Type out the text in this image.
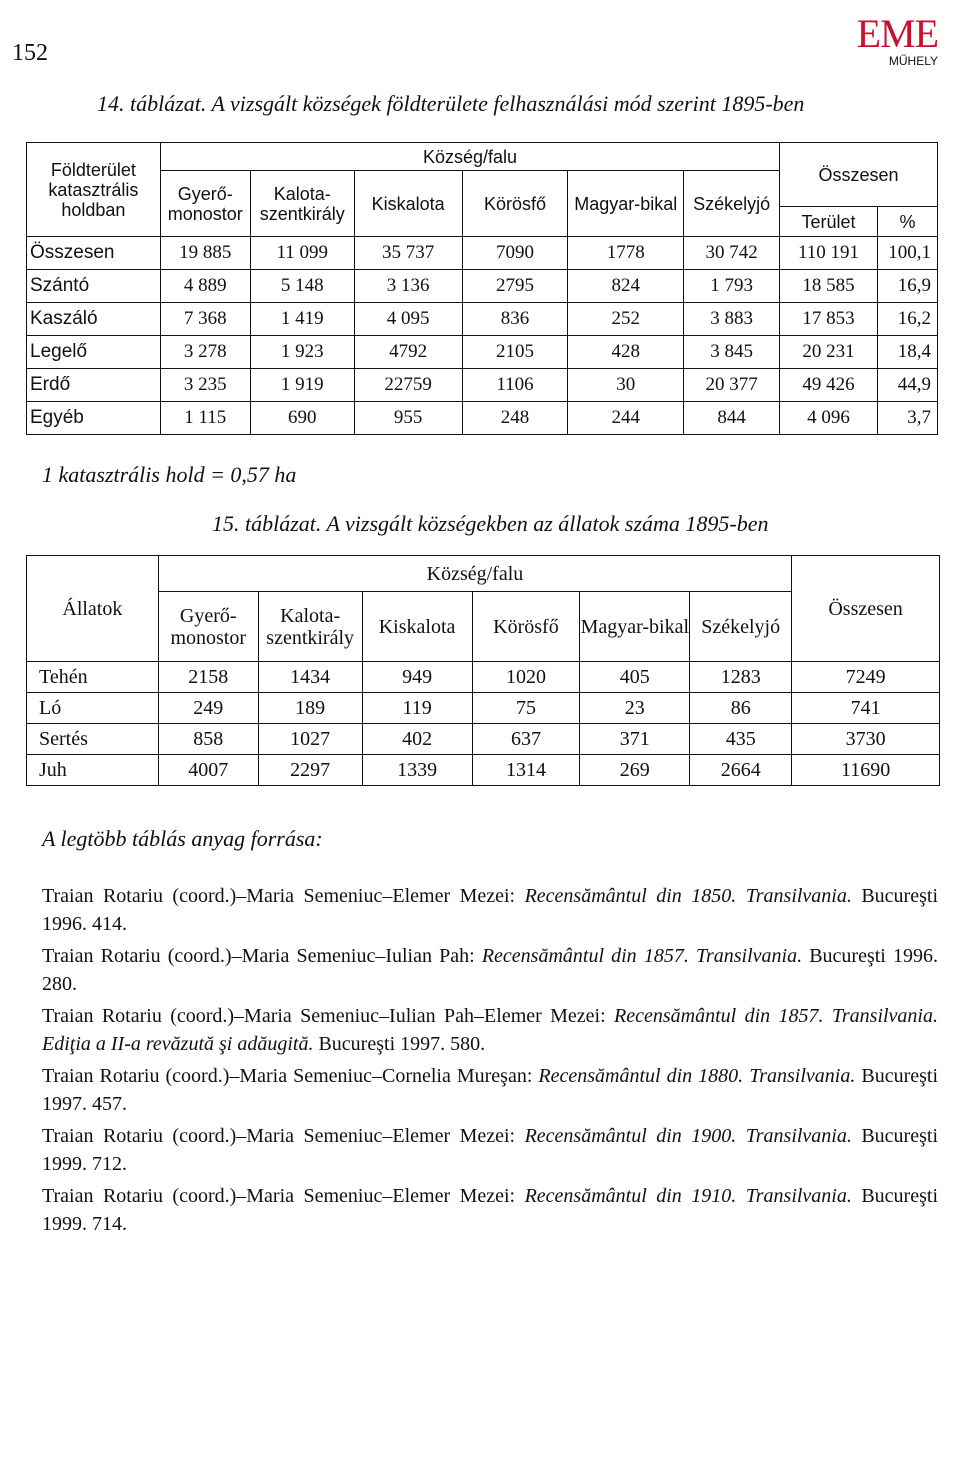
152	EME
MŰHELY
14. táblázat. A vizsgált községek földterülete felhasználási mód szerint 1895-ben
Földterület katasztrális holdban	Község/falu						Összesen	
	Gyerő-monostor	Kalota-szentkirály	Kiskalota	Körösfő	Magyar-bikal	Székelyjó		
							Terület	%
Összesen	19 885	11 099	35 737	7090	1778	30 742	110 191	100,1
Szántó	4 889	5 148	3 136	2795	824	1 793	18 585	16,9
Kaszáló	7 368	1 419	4 095	836	252	3 883	17 853	16,2
Legelő	3 278	1 923	4792	2105	428	3 845	20 231	18,4
Erdő	3 235	1 919	22759	1106	30	20 377	49 426	44,9
Egyéb	1 115	690	955	248	244	844	4 096	3,7
1 katasztrális hold = 0,57 ha
15. táblázat. A vizsgált községekben az állatok száma 1895-ben
Állatok	Község/falu						Összesen
	Gyerő-monostor	Kalota-szentkirály	Kiskalota	Körösfő	Magyar-bikal	Székelyjó	
Tehén	2158	1434	949	1020	405	1283	7249
Ló	249	189	119	75	23	86	741
Sertés	858	1027	402	637	371	435	3730
Juh	4007	2297	1339	1314	269	2664	11690
A legtöbb táblás anyag forrása:
Traian Rotariu (coord.)–Maria Semeniuc–Elemer Mezei: Recensământul din 1850. Transilvania. Bucureşti 1996. 414.
Traian Rotariu (coord.)–Maria Semeniuc–Iulian Pah: Recensământul din 1857. Transilvania. Bucureşti 1996. 280.
Traian Rotariu (coord.)–Maria Semeniuc–Iulian Pah–Elemer Mezei: Recensământul din 1857. Transilvania. Ediţia a II-a revăzută şi adăugită. Bucureşti 1997. 580.
Traian Rotariu (coord.)–Maria Semeniuc–Cornelia Mureşan: Recensământul din 1880. Transilvania. Bucureşti 1997. 457.
Traian Rotariu (coord.)–Maria Semeniuc–Elemer Mezei: Recensământul din 1900. Transilvania. Bucureşti 1999. 712.
Traian Rotariu (coord.)–Maria Semeniuc–Elemer Mezei: Recensământul din 1910. Transilvania. Bucureşti 1999. 714.
